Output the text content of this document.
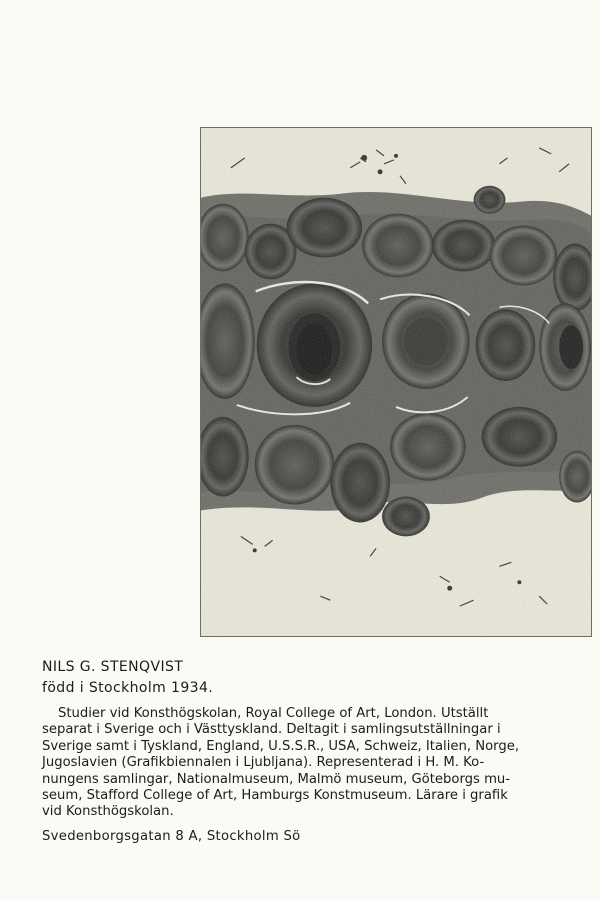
NILS G. STENQVIST
född i Stockholm 1934.
Studier vid Konsthögskolan, Royal College of Art, London. Utställt
separat i Sverige och i Västtyskland. Deltagit i samlingsutställningar i
Sverige samt i Tyskland, England, U.S.S.R., USA, Schweiz, Italien, Norge,
Jugoslavien (Grafikbiennalen i Ljubljana). Representerad i H. M. Ko-
nungens samlingar, Nationalmuseum, Malmö museum, Göteborgs mu-
seum, Stafford College of Art, Hamburgs Konstmuseum. Lärare i grafik
vid Konsthögskolan.
Svedenborgsgatan 8 A, Stockholm Sö
